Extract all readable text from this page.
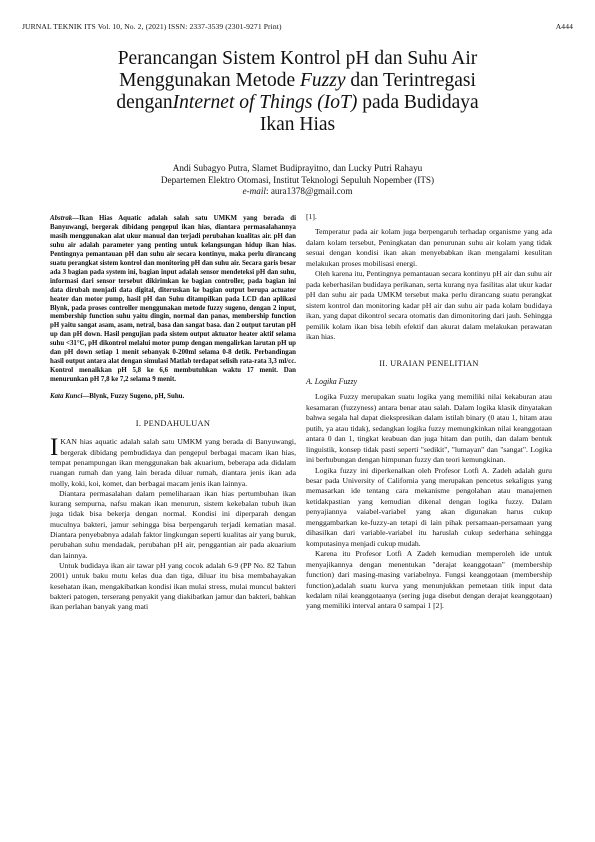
JURNAL TEKNIK ITS Vol. 10, No. 2, (2021) ISSN: 2337-3539 (2301-9271 Print)	A444
Perancangan Sistem Kontrol pH dan Suhu Air
Menggunakan Metode Fuzzy dan Terintregasi
denganInternet of Things (IoT) pada Budidaya
Ikan Hias
Andi Subagyo Putra, Slamet Budiprayitno, dan Lucky Putri Rahayu
Departemen Elektro Otomasi, Institut Teknologi Sepuluh Nopember (ITS)
e-mail: aura1378@gmail.com
Abstrak—Ikan Hias Aquatic adalah salah satu UMKM yang berada di Banyuwangi, bergerak dibidang pengepul ikan hias, diantara permasalahannya masih menggunakan alat ukur manual dan terjadi perubahan kualitas air. pH dan suhu air adalah parameter yang penting untuk kelangsungan hidup ikan hias. Pentingnya pemantauan pH dan suhu air secara kontinyu, maka perlu dirancang suatu perangkat sistem kontrol dan monitoring pH dan suhu air. Secara garis besar ada 3 bagian pada system ini, bagian input adalah sensor mendeteksi pH dan suhu, informasi dari sensor tersebut dikirimkan ke bagian controller, pada bagian ini data dirubah menjadi data digital, diteruskan ke bagian output berupa actuator heater dan motor pump, hasil pH dan Suhu ditampilkan pada LCD dan aplikasi Blynk, pada proses controller menggunakan metode fuzzy sugeno, dengan 2 input, membership function suhu yaitu dingin, normal dan panas, membership function pH yaitu sangat asam, asam, netral, basa dan sangat basa. dan 2 output tarutan pH up dan pH down. Hasil pengujian pada sistem output aktuator heater aktif selama suhu <31°C, pH dikontrol melalui motor pump dengan mengalirkan larutan pH up dan pH down setiap 1 menit sebanyak 0-200ml selama 0-8 detik. Perbandingan hasil output antara alat dengan simulasi Matlab terdapat selisih rata-rata 3,3 ml/cc. Kontrol menaikkan pH 5,8 ke 6,6 membutuhkan waktu 17 menit. Dan menurunkan pH 7,8 ke 7,2 selama 9 menit.
Kata Kunci—Blynk, Fuzzy Sugeno, pH, Suhu.
I. PENDAHULUAN
I KAN hias aquatic adalah salah satu UMKM yang berada di Banyuwangi, bergerak dibidang pembudidaya dan pengepul berbagai macam ikan hias, tempat penampungan ikan menggunakan bak akuarium, beberapa ada didalam ruangan rumah dan yang lain berada diluar rumah, diantara jenis ikan ada molly, koki, koi, komet, dan berbagai macam jenis ikan lainnya.

Diantara permasalahan dalam pemeliharaan ikan hias pertumbuhan ikan kurang sempurna, nafsu makan ikan menurun, sistem kekebalan tubuh ikan juga tidak bisa bekerja dengan normal. Kondisi ini diperparah dengan muculnya bakteri, jamur sehingga bisa berpengaruh terjadi kematian masal. Diantara penyebabnya adalah faktor lingkungan seperti kualitas air yang buruk, perubahan suhu mendadak, perubahan pH air, penggantian air pada akuarium dan lainnya.

Untuk budidaya ikan air tawar pH yang cocok adalah 6-9 (PP No. 82 Tahun 2001) untuk baku mutu kelas dua dan tiga, diluar itu bisa membahayakan kesehatan ikan, mengakibatkan kondisi ikan mulai stress, mulai muncul bakteri bakteri patogen, terserang penyakit yang diakibatkan jamur dan bakteri, bahkan ikan perlahan banyak yang mati

[1].

Temperatur pada air kolam juga berpengaruh terhadap organisme yang ada dalam kolam tersebut, Peningkatan dan penurunan suhu air kolam yang tidak sesuai dengan kondisi ikan akan menyebabkan ikan mengalami kesulitan melakukan proses mobilisasi energi.

Oleh karena itu, Pentingnya pemantauan secara kontinyu pH air dan suhu air pada keberhasilan budidaya perikanan, serta kurang nya fasilitas alat ukur kadar pH dan suhu air pada UMKM tersebut maka perlu dirancang suatu perangkat sistem kontrol dan monitoring kadar pH air dan suhu air pada kolam budidaya ikan, yang dapat dikontrol secara otomatis dan dimonitoring dari jauh. Sehingga pemilik kolam ikan bisa lebih efektif dan akurat dalam melakukan perawatan ikan hias.

II. URAIAN PENELITIAN
A. Logika Fuzzy

Logika Fuzzy merupakan suatu logika yang memiliki nilai kekaburan atau kesamaran (fuzzyness) antara benar atau salah. Dalam logika klasik dinyatakan bahwa segala hal dapat diekspresikan dalam istilah binary (0 atau 1, hitam atau putih, ya atau tidak), sedangkan logika fuzzy memungkinkan nilai keanggotaan antara 0 dan 1, tingkat keabuan dan juga hitam dan putih, dan dalam bentuk linguistik, konsep tidak pasti seperti "sedikit", "lumayan" dan "sangat". Logika ini berhubungan dengan himpunan fuzzy dan teori kemungkinan.

Logika fuzzy ini diperkenalkan oleh Profesor Lotfi A. Zadeh adalah guru besar pada University of California yang merupakan pencetus sekaligus yang memasarkan ide tentang cara mekanisme pengolahan atau manajemen ketidakpastian yang kemudian dikenal dengan logika fuzzy. Dalam penyajiannya vaiabel-variabel yang akan digunakan harus cukup menggambarkan ke-fuzzy-an tetapi di lain pihak persamaan-persamaan yang dihasilkan dari variable-variabel itu haruslah cukup sederhana sehingga komputasinya menjadi cukup mudah.

Karena itu Profesor Lotfi A Zadeh kemudian memperoleh ide untuk menyajikannya dengan menentukan "derajat keanggotaan" (membership function) dari masing-masing variabelnya. Fungsi keanggotaan (membership function),adalah suatu kurva yang menunjukkan pemetaan titik input data kedalam nilai keanggotaanya (sering juga disebut dengan derajat keanggotaan) yang memiliki interval antara 0 sampai 1 [2].
